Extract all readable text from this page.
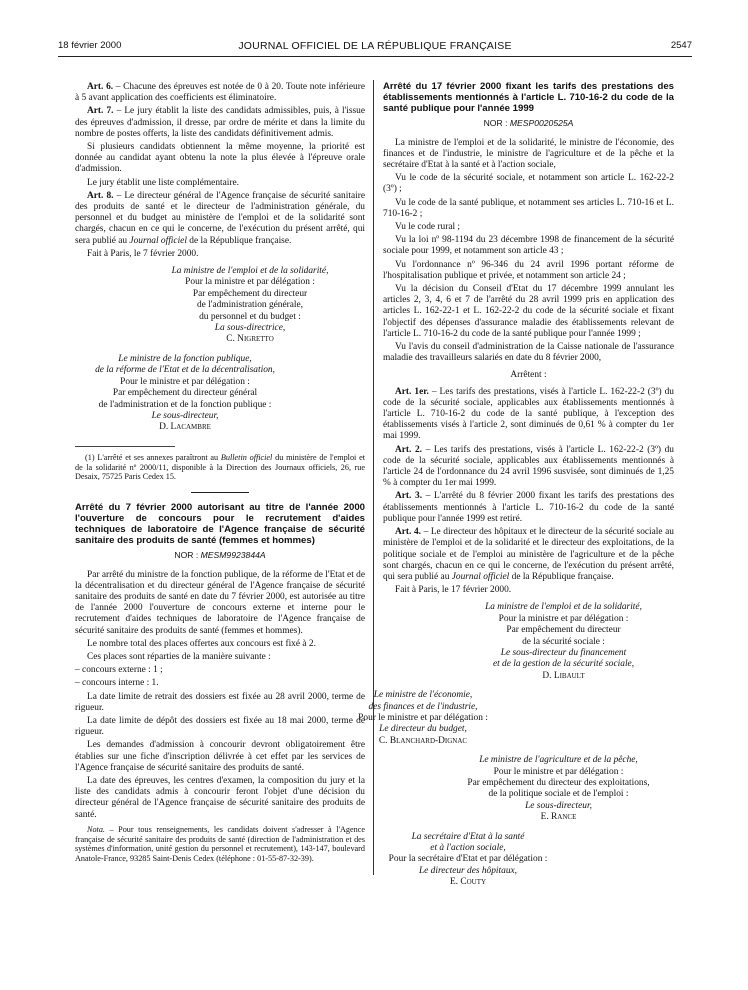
18 février 2000	JOURNAL OFFICIEL DE LA RÉPUBLIQUE FRANÇAISE	2547

Art. 6. – Chacune des épreuves est notée de 0 à 20. Toute note inférieure à 5 avant application des coefficients est éliminatoire.

Art. 7. – Le jury établit la liste des candidats admissibles, puis, à l'issue des épreuves d'admission, il dresse, par ordre de mérite et dans la limite du nombre de postes offerts, la liste des candidats définitivement admis.

Si plusieurs candidats obtiennent la même moyenne, la priorité est donnée au candidat ayant obtenu la note la plus élevée à l'épreuve orale d'admission.

Le jury établit une liste complémentaire.

Art. 8. – Le directeur général de l'Agence française de sécurité sanitaire des produits de santé et le directeur de l'administration générale, du personnel et du budget au ministère de l'emploi et de la solidarité sont chargés, chacun en ce qui le concerne, de l'exécution du présent arrêté, qui sera publié au Journal officiel de la République française.

Fait à Paris, le 7 février 2000.

La ministre de l'emploi et de la solidarité,
Pour la ministre et par délégation :
Par empêchement du directeur
de l'administration générale,
du personnel et du budget :
La sous-directrice,
C. Nigretto
Le ministre de la fonction publique,
de la réforme de l'Etat et de la décentralisation,
Pour le ministre et par délégation :
Par empêchement du directeur général
de l'administration et de la fonction publique :
Le sous-directeur,
D. Lacambre

(1) L'arrêté et ses annexes paraîtront au Bulletin officiel du ministère de l'emploi et de la solidarité nº 2000/11, disponible à la Direction des Journaux officiels, 26, rue Desaix, 75725 Paris Cedex 15.

Arrêté du 7 février 2000 autorisant au titre de l'année 2000 l'ouverture de concours pour le recrutement d'aides techniques de laboratoire de l'Agence française de sécurité sanitaire des produits de santé (femmes et hommes)
NOR : MESM9923844A

Par arrêté du ministre de la fonction publique, de la réforme de l'Etat et de la décentralisation et du directeur général de l'Agence française de sécurité sanitaire des produits de santé en date du 7 février 2000, est autorisée au titre de l'année 2000 l'ouverture de concours externe et interne pour le recrutement d'aides techniques de laboratoire de l'Agence française de sécurité sanitaire des produits de santé (femmes et hommes).

Le nombre total des places offertes aux concours est fixé à 2.

Ces places sont réparties de la manière suivante :

– concours externe : 1 ;

– concours interne : 1.

La date limite de retrait des dossiers est fixée au 28 avril 2000, terme de rigueur.

La date limite de dépôt des dossiers est fixée au 18 mai 2000, terme de rigueur.

Les demandes d'admission à concourir devront obligatoirement être établies sur une fiche d'inscription délivrée à cet effet par les services de l'Agence française de sécurité sanitaire des produits de santé.

La date des épreuves, les centres d'examen, la composition du jury et la liste des candidats admis à concourir feront l'objet d'une décision du directeur général de l'Agence française de sécurité sanitaire des produits de santé.

Nota. – Pour tous renseignements, les candidats doivent s'adresser à l'Agence française de sécurité sanitaire des produits de santé (direction de l'administration et des systèmes d'information, unité gestion du personnel et recrutement), 143-147, boulevard Anatole-France, 93285 Saint-Denis Cedex (téléphone : 01-55-87-32-39).

Arrêté du 17 février 2000 fixant les tarifs des prestations des établissements mentionnés à l'article L. 710-16-2 du code de la santé publique pour l'année 1999
NOR : MESP0020525A

La ministre de l'emploi et de la solidarité, le ministre de l'économie, des finances et de l'industrie, le ministre de l'agriculture et de la pêche et la secrétaire d'Etat à la santé et à l'action sociale,

Vu le code de la sécurité sociale, et notamment son article L. 162-22-2 (3º) ;

Vu le code de la santé publique, et notamment ses articles L. 710-16 et L. 710-16-2 ;

Vu le code rural ;

Vu la loi nº 98-1194 du 23 décembre 1998 de financement de la sécurité sociale pour 1999, et notamment son article 43 ;

Vu l'ordonnance nº 96-346 du 24 avril 1996 portant réforme de l'hospitalisation publique et privée, et notamment son article 24 ;

Vu la décision du Conseil d'Etat du 17 décembre 1999 annulant les articles 2, 3, 4, 6 et 7 de l'arrêté du 28 avril 1999 pris en application des articles L. 162-22-1 et L. 162-22-2 du code de la sécurité sociale et fixant l'objectif des dépenses d'assurance maladie des établissements relevant de l'article L. 710-16-2 du code de la santé publique pour l'année 1999 ;

Vu l'avis du conseil d'administration de la Caisse nationale de l'assurance maladie des travailleurs salariés en date du 8 février 2000,

Arrêtent :

Art. 1er. – Les tarifs des prestations, visés à l'article L. 162-22-2 (3º) du code de la sécurité sociale, applicables aux établissements mentionnés à l'article L. 710-16-2 du code de la santé publique, à l'exception des établissements visés à l'article 2, sont diminués de 0,61 % à compter du 1er mai 1999.

Art. 2. – Les tarifs des prestations, visés à l'article L. 162-22-2 (3º) du code de la sécurité sociale, applicables aux établissements mentionnés à l'article 24 de l'ordonnance du 24 avril 1996 susvisée, sont diminués de 1,25 % à compter du 1er mai 1999.

Art. 3. – L'arrêté du 8 février 2000 fixant les tarifs des prestations des établissements mentionnés à l'article L. 710-16-2 du code de la santé publique pour l'année 1999 est retiré.

Art. 4. – Le directeur des hôpitaux et le directeur de la sécurité sociale au ministère de l'emploi et de la solidarité et le directeur des exploitations, de la politique sociale et de l'emploi au ministère de l'agriculture et de la pêche sont chargés, chacun en ce qui le concerne, de l'exécution du présent arrêté, qui sera publié au Journal officiel de la République française.

Fait à Paris, le 17 février 2000.

La ministre de l'emploi et de la solidarité,
Pour la ministre et par délégation :
Par empêchement du directeur
de la sécurité sociale :
Le sous-directeur du financement
et de la gestion de la sécurité sociale,
D. Libault
Le ministre de l'économie,
des finances et de l'industrie,
Pour le ministre et par délégation :
Le directeur du budget,
C. Blanchard-Dignac
Le ministre de l'agriculture et de la pêche,
Pour le ministre et par délégation :
Par empêchement du directeur des exploitations,
de la politique sociale et de l'emploi :
Le sous-directeur,
E. Rance
La secrétaire d'Etat à la santé
et à l'action sociale,
Pour la secrétaire d'Etat et par délégation :
Le directeur des hôpitaux,
E. Couty
